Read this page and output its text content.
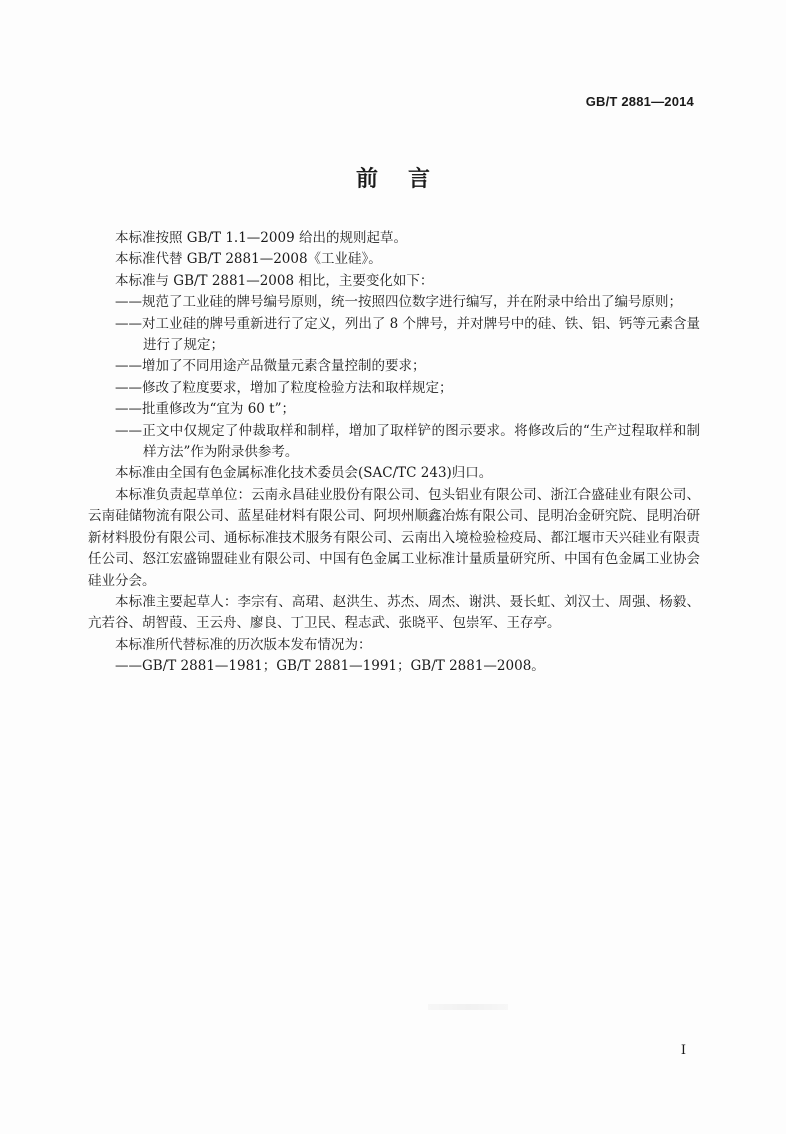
GB/T 2881—2014
前言

本标准按照 GB/T 1.1—2009 给出的规则起草。

本标准代替 GB/T 2881—2008《工业硅》。

本标准与 GB/T 2881—2008 相比，主要变化如下：

——规范了工业硅的牌号编号原则，统一按照四位数字进行编写，并在附录中给出了编号原则；

——对工业硅的牌号重新进行了定义，列出了 8 个牌号，并对牌号中的硅、铁、铝、钙等元素含量进行了规定；

——增加了不同用途产品微量元素含量控制的要求；

——修改了粒度要求，增加了粒度检验方法和取样规定；

——批重修改为“宜为 60 t”；

——正文中仅规定了仲裁取样和制样，增加了取样铲的图示要求。将修改后的“生产过程取样和制样方法”作为附录供参考。

本标准由全国有色金属标准化技术委员会(SAC/TC 243)归口。

本标准负责起草单位：云南永昌硅业股份有限公司、包头铝业有限公司、浙江合盛硅业有限公司、云南硅储物流有限公司、蓝星硅材料有限公司、阿坝州顺鑫冶炼有限公司、昆明冶金研究院、昆明冶研新材料股份有限公司、通标标准技术服务有限公司、云南出入境检验检疫局、都江堰市天兴硅业有限责任公司、怒江宏盛锦盟硅业有限公司、中国有色金属工业标准计量质量研究所、中国有色金属工业协会硅业分会。

本标准主要起草人：李宗有、高珺、赵洪生、苏杰、周杰、谢洪、聂长虹、刘汉士、周强、杨毅、亢若谷、胡智葭、王云舟、廖良、丁卫民、程志武、张晓平、包崇军、王存亭。

本标准所代替标准的历次版本发布情况为：

——GB/T 2881—1981；GB/T 2881—1991；GB/T 2881—2008。

I
